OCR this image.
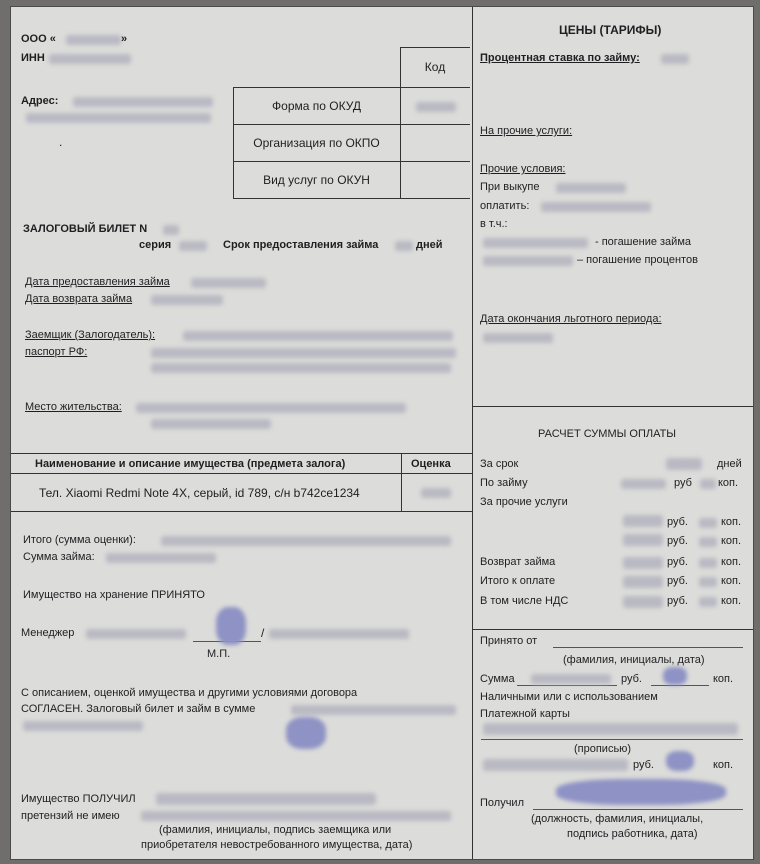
ООО «	»
ИНН
Адрес:
.
Код
Форма по ОКУД
Организация по ОКПО
Вид услуг по ОКУН
ЗАЛОГОВЫЙ БИЛЕТ N
серия	Срок предоставления займа	дней
Дата предоставления займа
Дата возврата займа
Заемщик (Залогодатель):
паспорт РФ:
Место жительства:
Наименование и описание имущества (предмета залога)	Оценка
Тел. Xiaomi Redmi Note 4X, серый, id 789, с/н b742ce1234
Итого (сумма оценки):
Сумма займа:
Имущество на хранение ПРИНЯТО
Менеджер	/
М.П.
С описанием, оценкой имущества и другими условиями договора
СОГЛАСЕН. Залоговый билет и займ в сумме
Имущество ПОЛУЧИЛ
претензий не имею
(фамилия, инициалы, подпись заемщика или
приобретателя невостребованного имущества, дата)
ЦЕНЫ (ТАРИФЫ)
Процентная ставка по займу:
На прочие услуги:
Прочие условия:
При выкупе
оплатить:
в т.ч.:
- погашение займа
– погашение процентов
Дата окончания льготного периода:
РАСЧЕТ СУММЫ ОПЛАТЫ
За срок	дней
По займу	руб коп.
За прочие услуги
руб.	коп.
руб.	коп.
Возврат займа	руб.	коп.
Итого к оплате	руб.	коп.
В том числе НДС	руб.	коп.
Принято от
(фамилия, инициалы, дата)
Сумма	руб.	коп.
Наличными или с использованием
Платежной карты
(прописью)
руб.	коп.
Получил
(должность, фамилия, инициалы,
подпись работника, дата)
